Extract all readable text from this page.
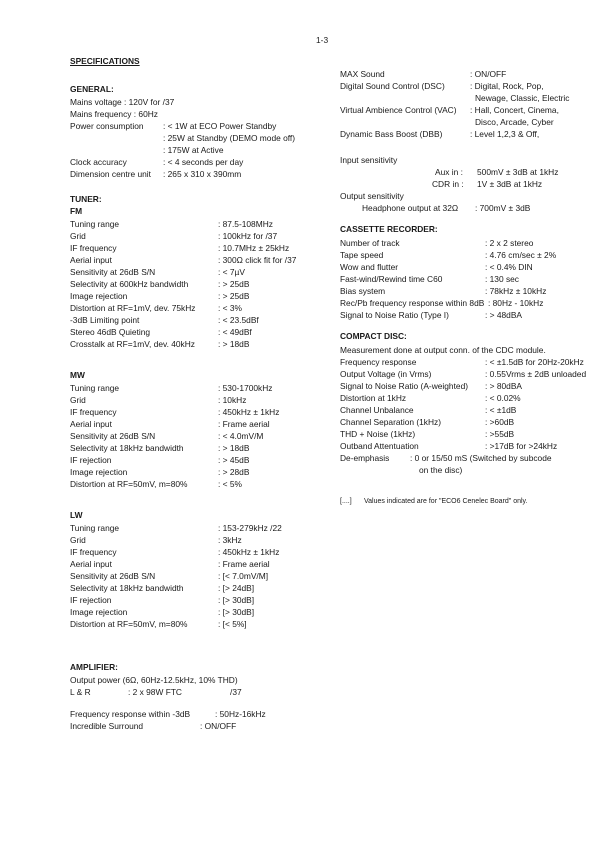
1-3
SPECIFICATIONS
GENERAL:
Mains voltage : 120V for /37
Mains frequency : 60Hz
Power consumption : < 1W at ECO Power Standby
: 25W at Standby (DEMO mode off)
: 175W at Active
Clock accuracy	: < 4 seconds per day
Dimension centre unit : 265 x 310 x 390mm
TUNER:
FM
Tuning range	: 87.5-108MHz
Grid	: 100kHz for /37
IF frequency	: 10.7MHz ± 25kHz
Aerial input	: 300Ω click fit for /37
Sensitivity at 26dB S/N	: < 7µV
Selectivity at 600kHz bandwidth	: > 25dB
Image rejection	: > 25dB
Distortion at RF=1mV, dev. 75kHz	: < 3%
-3dB Limiting point	: < 23.5dBf
Stereo 46dB Quieting	: < 49dBf
Crosstalk at RF=1mV, dev. 40kHz	: > 18dB
MW
Tuning range	: 530-1700kHz
Grid	: 10kHz
IF frequency	: 450kHz ± 1kHz
Aerial input	: Frame aerial
Sensitivity at 26dB S/N	: < 4.0mV/M
Selectivity at 18kHz bandwidth	: > 18dB
IF rejection	: > 45dB
Image rejection	: > 28dB
Distortion at RF=50mV, m=80%	: < 5%
LW
Tuning range	: 153-279kHz /22
Grid	: 3kHz
IF frequency	: 450kHz ± 1kHz
Aerial input	: Frame aerial
Sensitivity at 26dB S/N	: [< 7.0mV/M]
Selectivity at 18kHz bandwidth	: [> 24dB]
IF rejection	: [> 30dB]
Image rejection	: [> 30dB]
Distortion at RF=50mV, m=80%	: [< 5%]
AMPLIFIER:
Output power (6Ω, 60Hz-12.5kHz, 10% THD)
L & R	: 2 x 98W FTC	/37
Frequency response within -3dB	: 50Hz-16kHz
Incredible Surround	: ON/OFF
MAX Sound	: ON/OFF
Digital Sound Control (DSC)	: Digital, Rock, Pop,
Newage, Classic, Electric
Virtual Ambience Control (VAC) : Hall, Concert, Cinema,
Disco, Arcade, Cyber
Dynamic Bass Boost (DBB)	: Level 1,2,3 & Off,
Input sensitivity
Aux in : 500mV ± 3dB at 1kHz
CDR in : 1V ± 3dB at 1kHz
Output sensitivity
Headphone output at 32Ω : 700mV ± 3dB
CASSETTE RECORDER:
Number of track	: 2 x 2 stereo
Tape speed	: 4.76 cm/sec ± 2%
Wow and flutter	: < 0.4% DIN
Fast-wind/Rewind time C60	: 130 sec
Bias system	: 78kHz ± 10kHz
Rec/Pb frequency response within 8dB : 80Hz - 10kHz
Signal to Noise Ratio (Type I)	: > 48dBA
COMPACT DISC:
Measurement done at output conn. of the CDC module.
Frequency response	: < ±1.5dB for 20Hz-20kHz
Output Voltage (in Vrms)	: 0.55Vrms ± 2dB unloaded
Signal to Noise Ratio (A-weighted) : > 80dBA
Distortion at 1kHz	: < 0.02%
Channel Unbalance	: < ±1dB
Channel Separation (1kHz)	: >60dB
THD + Noise (1kHz)	: >55dB
Outband Attentuation	: >17dB for >24kHz
De-emphasis : 0 or 15/50 mS (Switched by subcode
on the disc)
[....] Values indicated are for "ECO6 Cenelec Board" only.
